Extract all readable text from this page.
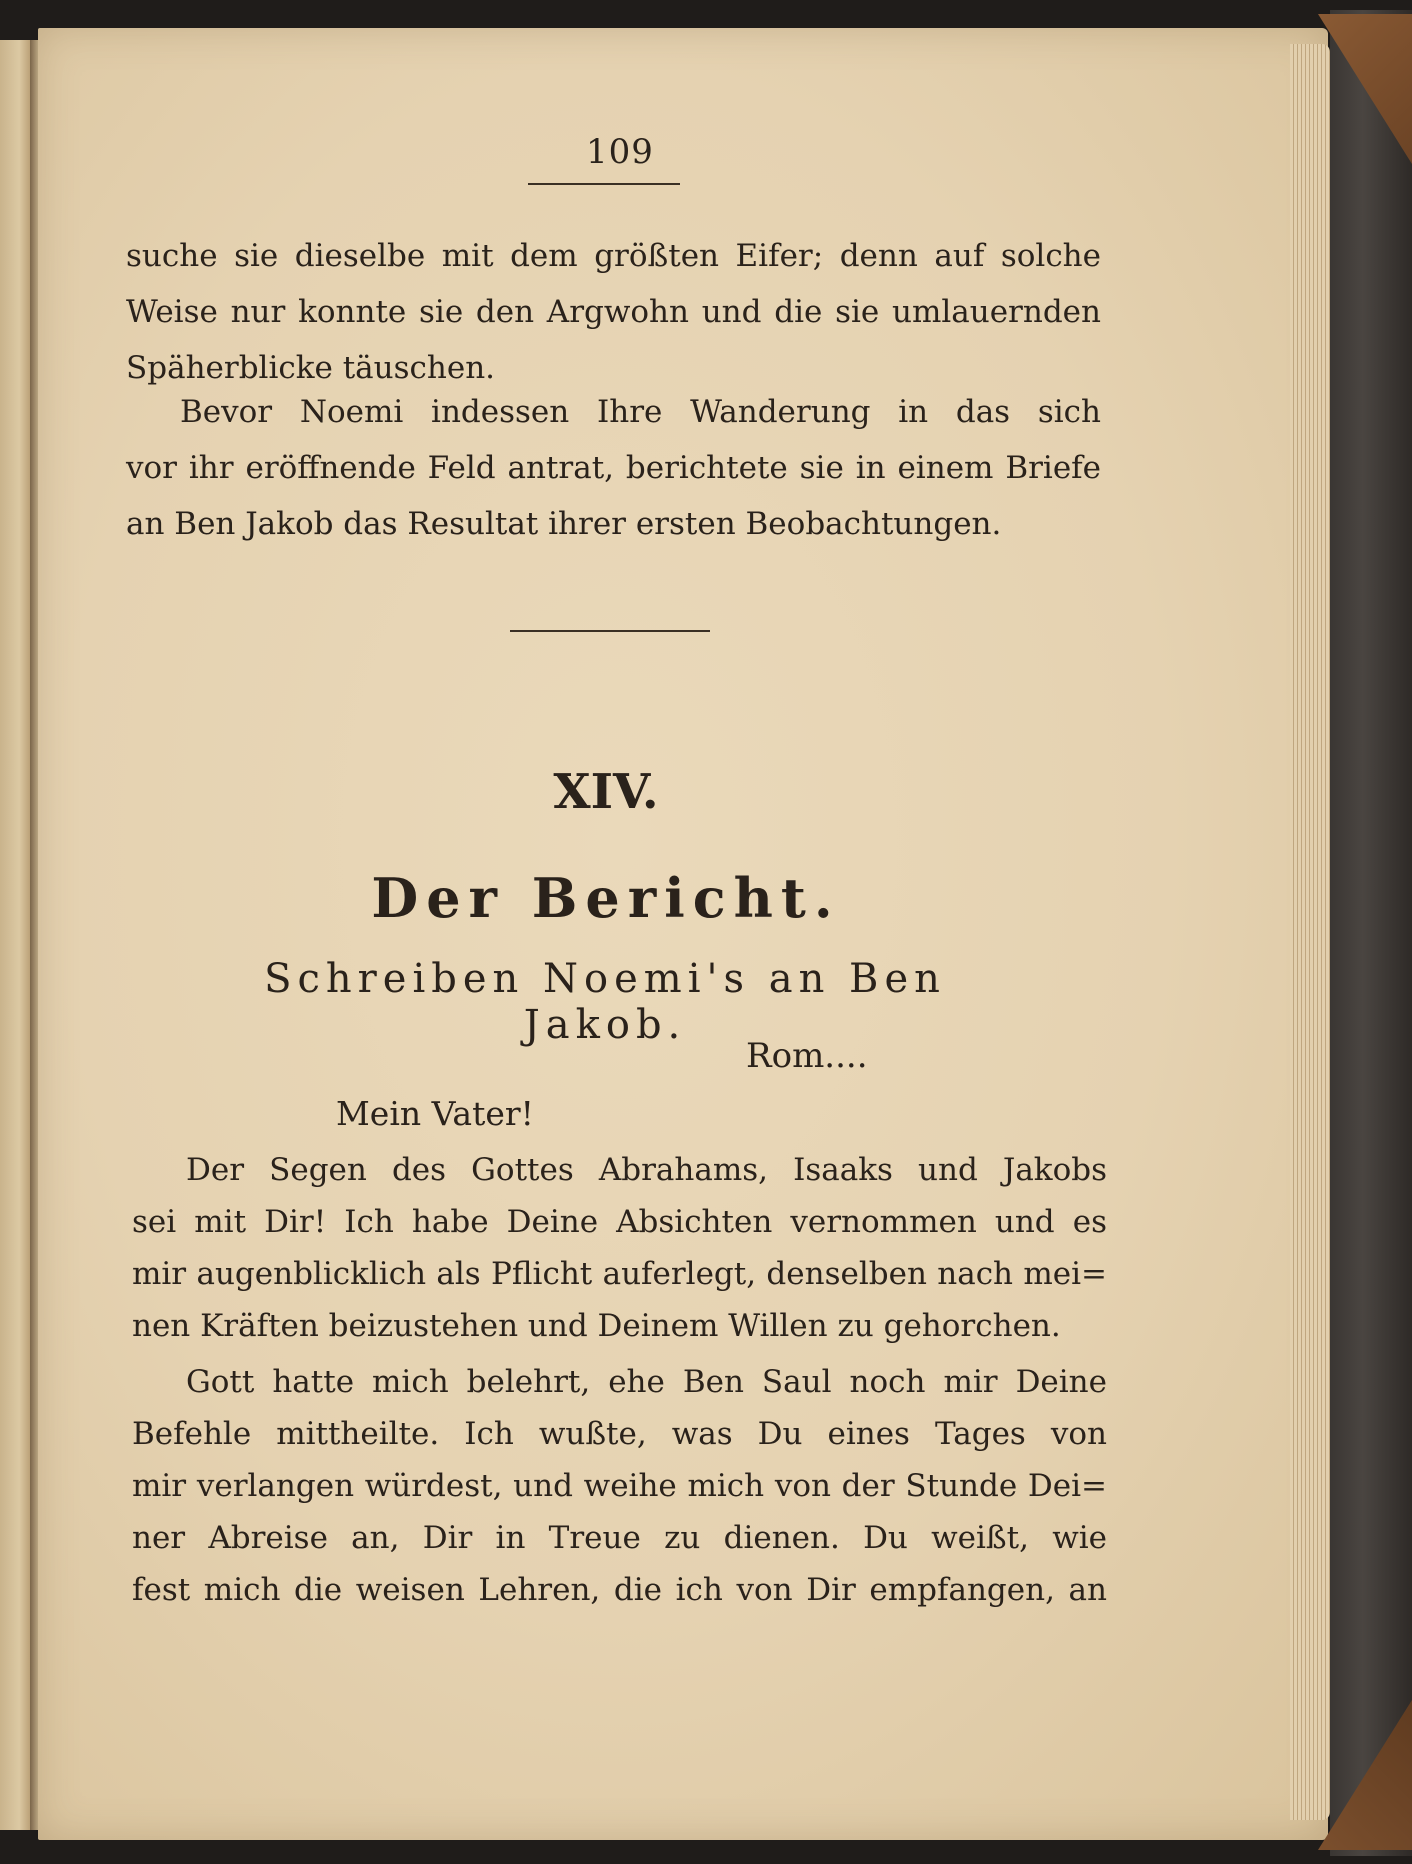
109
suche sie dieselbe mit dem größten Eifer; denn auf solche
Weise nur konnte sie den Argwohn und die sie umlauernden
Späherblicke täuschen.
Bevor Noemi indessen Ihre Wanderung in das sich
vor ihr eröffnende Feld antrat, berichtete sie in einem Briefe
an Ben Jakob das Resultat ihrer ersten Beobachtungen.
XIV.
Der Bericht.
Schreiben Noemi's an Ben Jakob.
Rom....
Mein Vater!
Der Segen des Gottes Abrahams, Isaaks und Jakobs
sei mit Dir! Ich habe Deine Absichten vernommen und es
mir augenblicklich als Pflicht auferlegt, denselben nach mei=
nen Kräften beizustehen und Deinem Willen zu gehorchen.
Gott hatte mich belehrt, ehe Ben Saul noch mir Deine
Befehle mittheilte. Ich wußte, was Du eines Tages von
mir verlangen würdest, und weihe mich von der Stunde Dei=
ner Abreise an, Dir in Treue zu dienen. Du weißt, wie
fest mich die weisen Lehren, die ich von Dir empfangen, an
